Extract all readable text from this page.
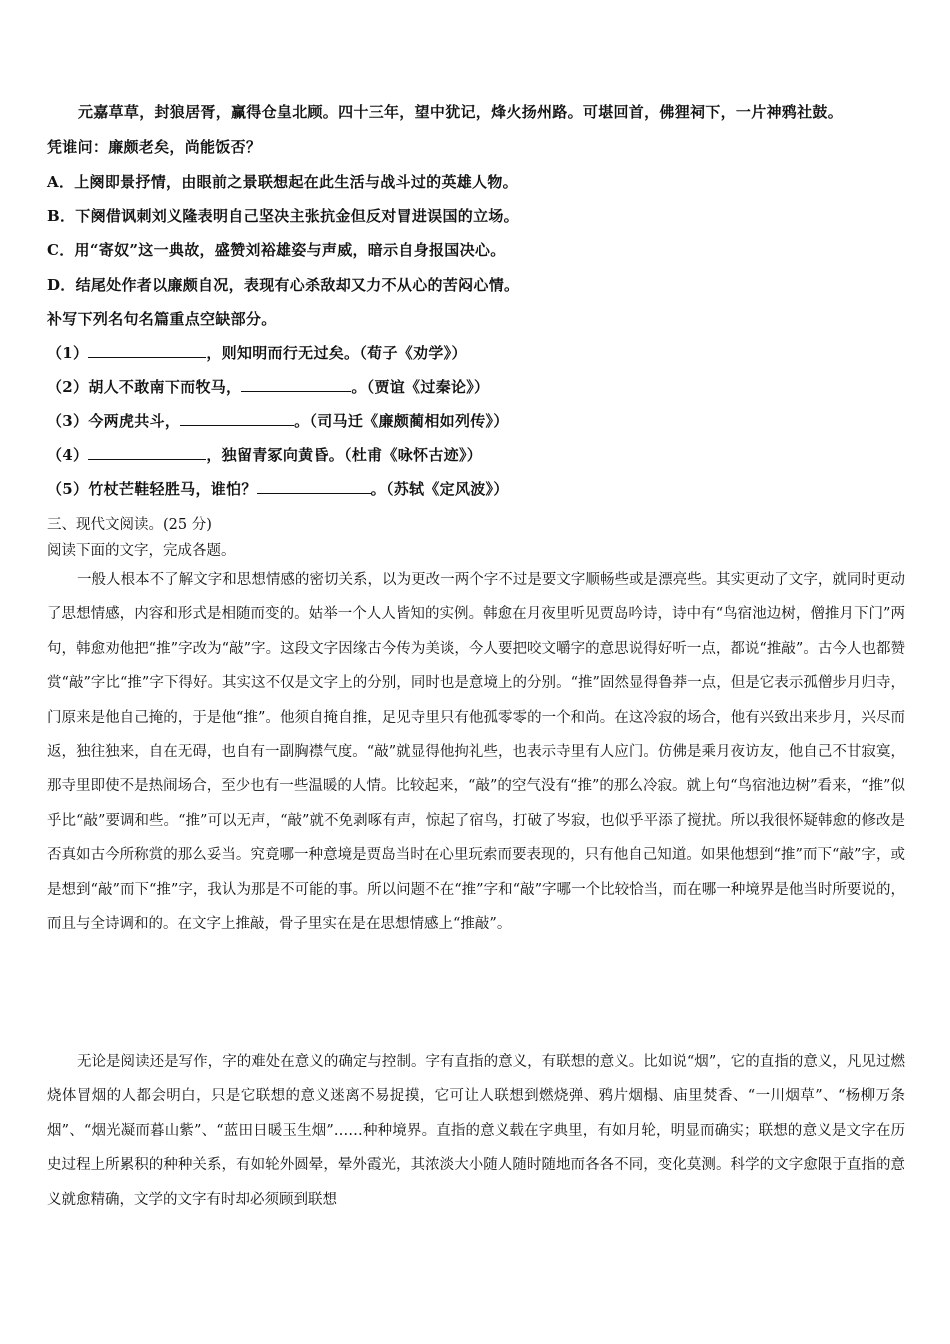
元嘉草草，封狼居胥，赢得仓皇北顾。四十三年，望中犹记，烽火扬州路。可堪回首，佛狸祠下，一片神鸦社鼓。
凭谁问：廉颇老矣，尚能饭否？
A．上阕即景抒情，由眼前之景联想起在此生活与战斗过的英雄人物。
B．下阕借讽刺刘义隆表明自己坚决主张抗金但反对冒进误国的立场。
C．用“寄奴”这一典故，盛赞刘裕雄姿与声威，暗示自身报国决心。
D．结尾处作者以廉颇自况，表现有心杀敌却又力不从心的苦闷心情。
补写下列名句名篇重点空缺部分。
（1）	，则知明而行无过矣。（荀子《劝学》）
（2）胡人不敢南下而牧马，	。（贾谊《过秦论》）
（3）今两虎共斗，	。（司马迁《廉颇蔺相如列传》）
（4）	，独留青冢向黄昏。（杜甫《咏怀古迹》）
（5）竹杖芒鞋轻胜马，谁怕？	。（苏轼《定风波》）
三、现代文阅读。(25 分)
阅读下面的文字，完成各题。
一般人根本不了解文字和思想情感的密切关系，以为更改一两个字不过是要文字顺畅些或是漂亮些。其实更动了文字，就同时更动了思想情感，内容和形式是相随而变的。姑举一个人人皆知的实例。韩愈在月夜里听见贾岛吟诗，诗中有“鸟宿池边树，僧推月下门”两句，韩愈劝他把“推”字改为“敲”字。这段文字因缘古今传为美谈，今人要把咬文嚼字的意思说得好听一点，都说“推敲”。古今人也都赞赏“敲”字比“推”字下得好。其实这不仅是文字上的分别，同时也是意境上的分别。“推”固然显得鲁莽一点，但是它表示孤僧步月归寺，门原来是他自己掩的，于是他“推”。他须自掩自推，足见寺里只有他孤零零的一个和尚。在这冷寂的场合，他有兴致出来步月，兴尽而返，独往独来，自在无碍，也自有一副胸襟气度。“敲”就显得他拘礼些，也表示寺里有人应门。仿佛是乘月夜访友，他自己不甘寂寞，那寺里即使不是热闹场合，至少也有一些温暖的人情。比较起来，“敲”的空气没有“推”的那么冷寂。就上句“鸟宿池边树”看来，“推”似乎比“敲”要调和些。“推”可以无声，“敲”就不免剥啄有声，惊起了宿鸟，打破了岑寂，也似乎平添了搅扰。所以我很怀疑韩愈的修改是否真如古今所称赏的那么妥当。究竟哪一种意境是贾岛当时在心里玩索而要表现的，只有他自己知道。如果他想到“推”而下“敲”字，或是想到“敲”而下“推”字，我认为那是不可能的事。所以问题不在“推”字和“敲”字哪一个比较恰当，而在哪一种境界是他当时所要说的，而且与全诗调和的。在文字上推敲，骨子里实在是在思想情感上“推敲”。
无论是阅读还是写作，字的难处在意义的确定与控制。字有直指的意义，有联想的意义。比如说“烟”，它的直指的意义，凡见过燃烧体冒烟的人都会明白，只是它联想的意义迷离不易捉摸，它可让人联想到燃烧弹、鸦片烟榻、庙里焚香、“一川烟草”、“杨柳万条烟”、“烟光凝而暮山紫”、“蓝田日暖玉生烟”……种种境界。直指的意义载在字典里，有如月轮，明显而确实；联想的意义是文字在历史过程上所累积的种种关系，有如轮外圆晕，晕外霞光，其浓淡大小随人随时随地而各各不同，变化莫测。科学的文字愈限于直指的意义就愈精确，文学的文字有时却必须顾到联想
